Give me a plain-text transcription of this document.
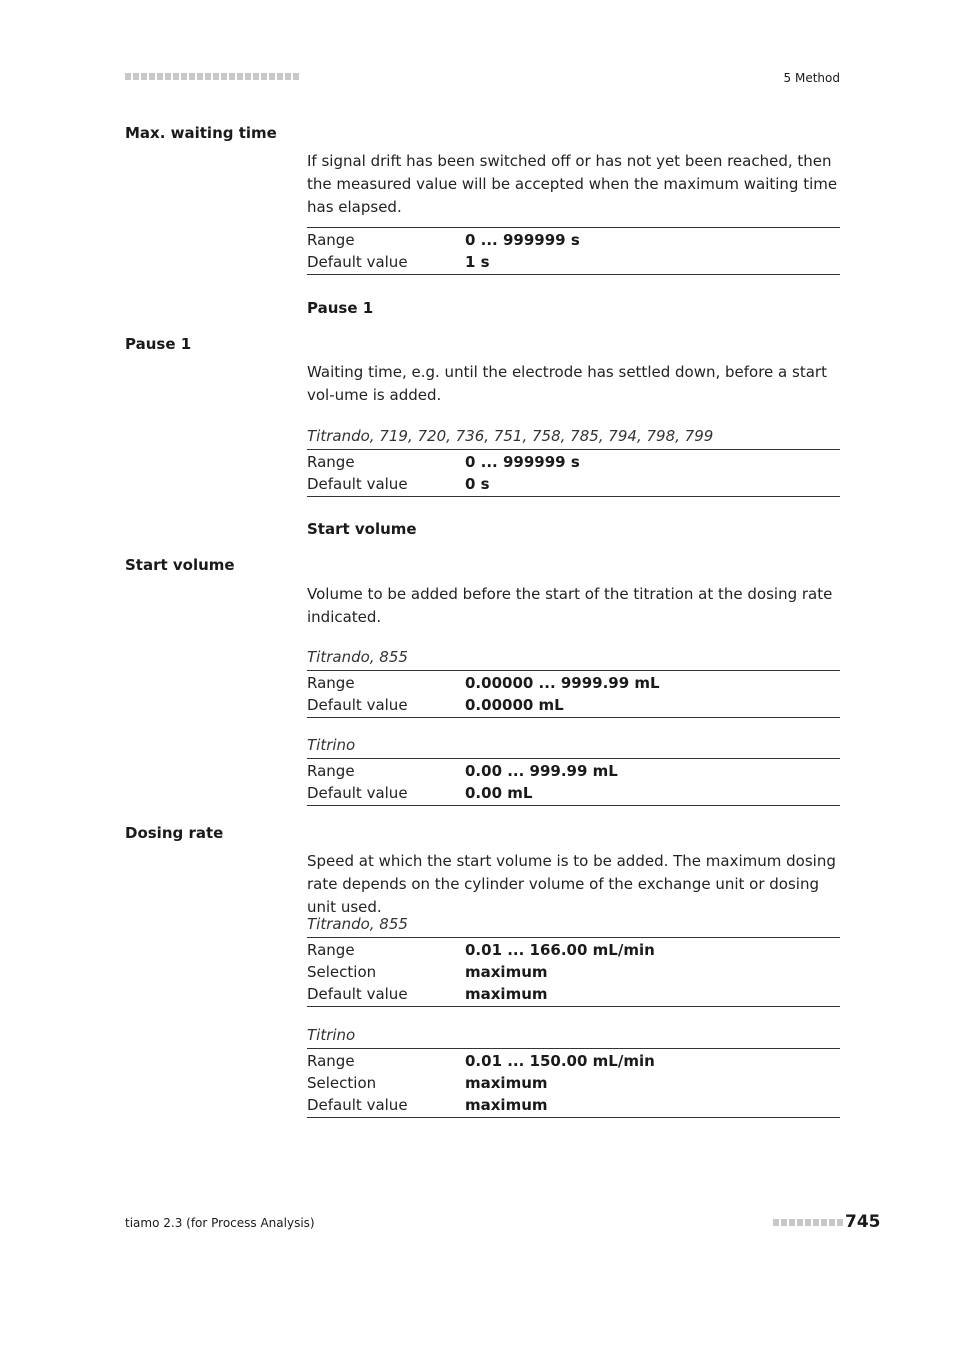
5 Method
Max. waiting time
If signal drift has been switched off or has not yet been reached, then the measured value will be accepted when the maximum waiting time has elapsed.
Range	0 ... 999999 s
Default value	1 s
Pause 1
Pause 1
Waiting time, e.g. until the electrode has settled down, before a start vol-ume is added.
Titrando, 719, 720, 736, 751, 758, 785, 794, 798, 799
Range	0 ... 999999 s
Default value	0 s
Start volume
Start volume
Volume to be added before the start of the titration at the dosing rate indicated.
Titrando, 855
Range	0.00000 ... 9999.99 mL
Default value	0.00000 mL
Titrino
Range	0.00 ... 999.99 mL
Default value	0.00 mL
Dosing rate
Speed at which the start volume is to be added. The maximum dosing rate depends on the cylinder volume of the exchange unit or dosing unit used.
Titrando, 855
Range	0.01 ... 166.00 mL/min
Selection	maximum
Default value	maximum
Titrino
Range	0.01 ... 150.00 mL/min
Selection	maximum
Default value	maximum
tiamo 2.3 (for Process Analysis)	745
